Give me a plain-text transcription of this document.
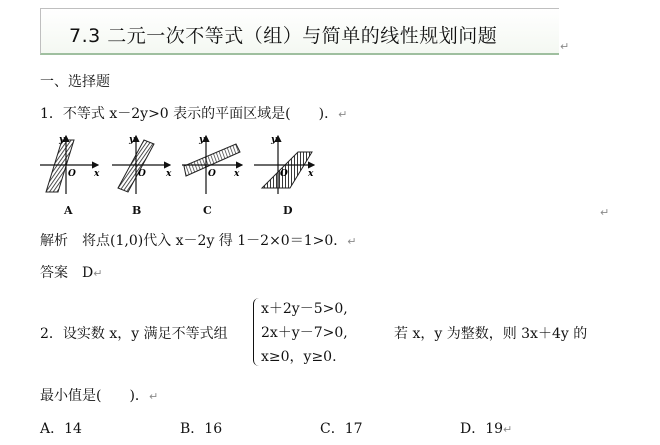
7.3 二元一次不等式（组）与简单的线性规划问题	↵
一、选择题
1．不等式 x－2y>0 表示的平面区域是(　　)．↵
y
x
O
y
x
O
y
x
O
y
x
O
A	B	C	D	↵
解析　将点(1,0)代入 x－2y 得 1－2×0＝1>0．↵
答案　D↵
2．设实数 x，y 满足不等式组
x＋2y－5>0,
2x＋y－7>0,
x≥0，y≥0.
若 x，y 为整数，则 3x＋4y 的
最小值是(　　)．↵
A．14	B．16	C．17	D．19↵
